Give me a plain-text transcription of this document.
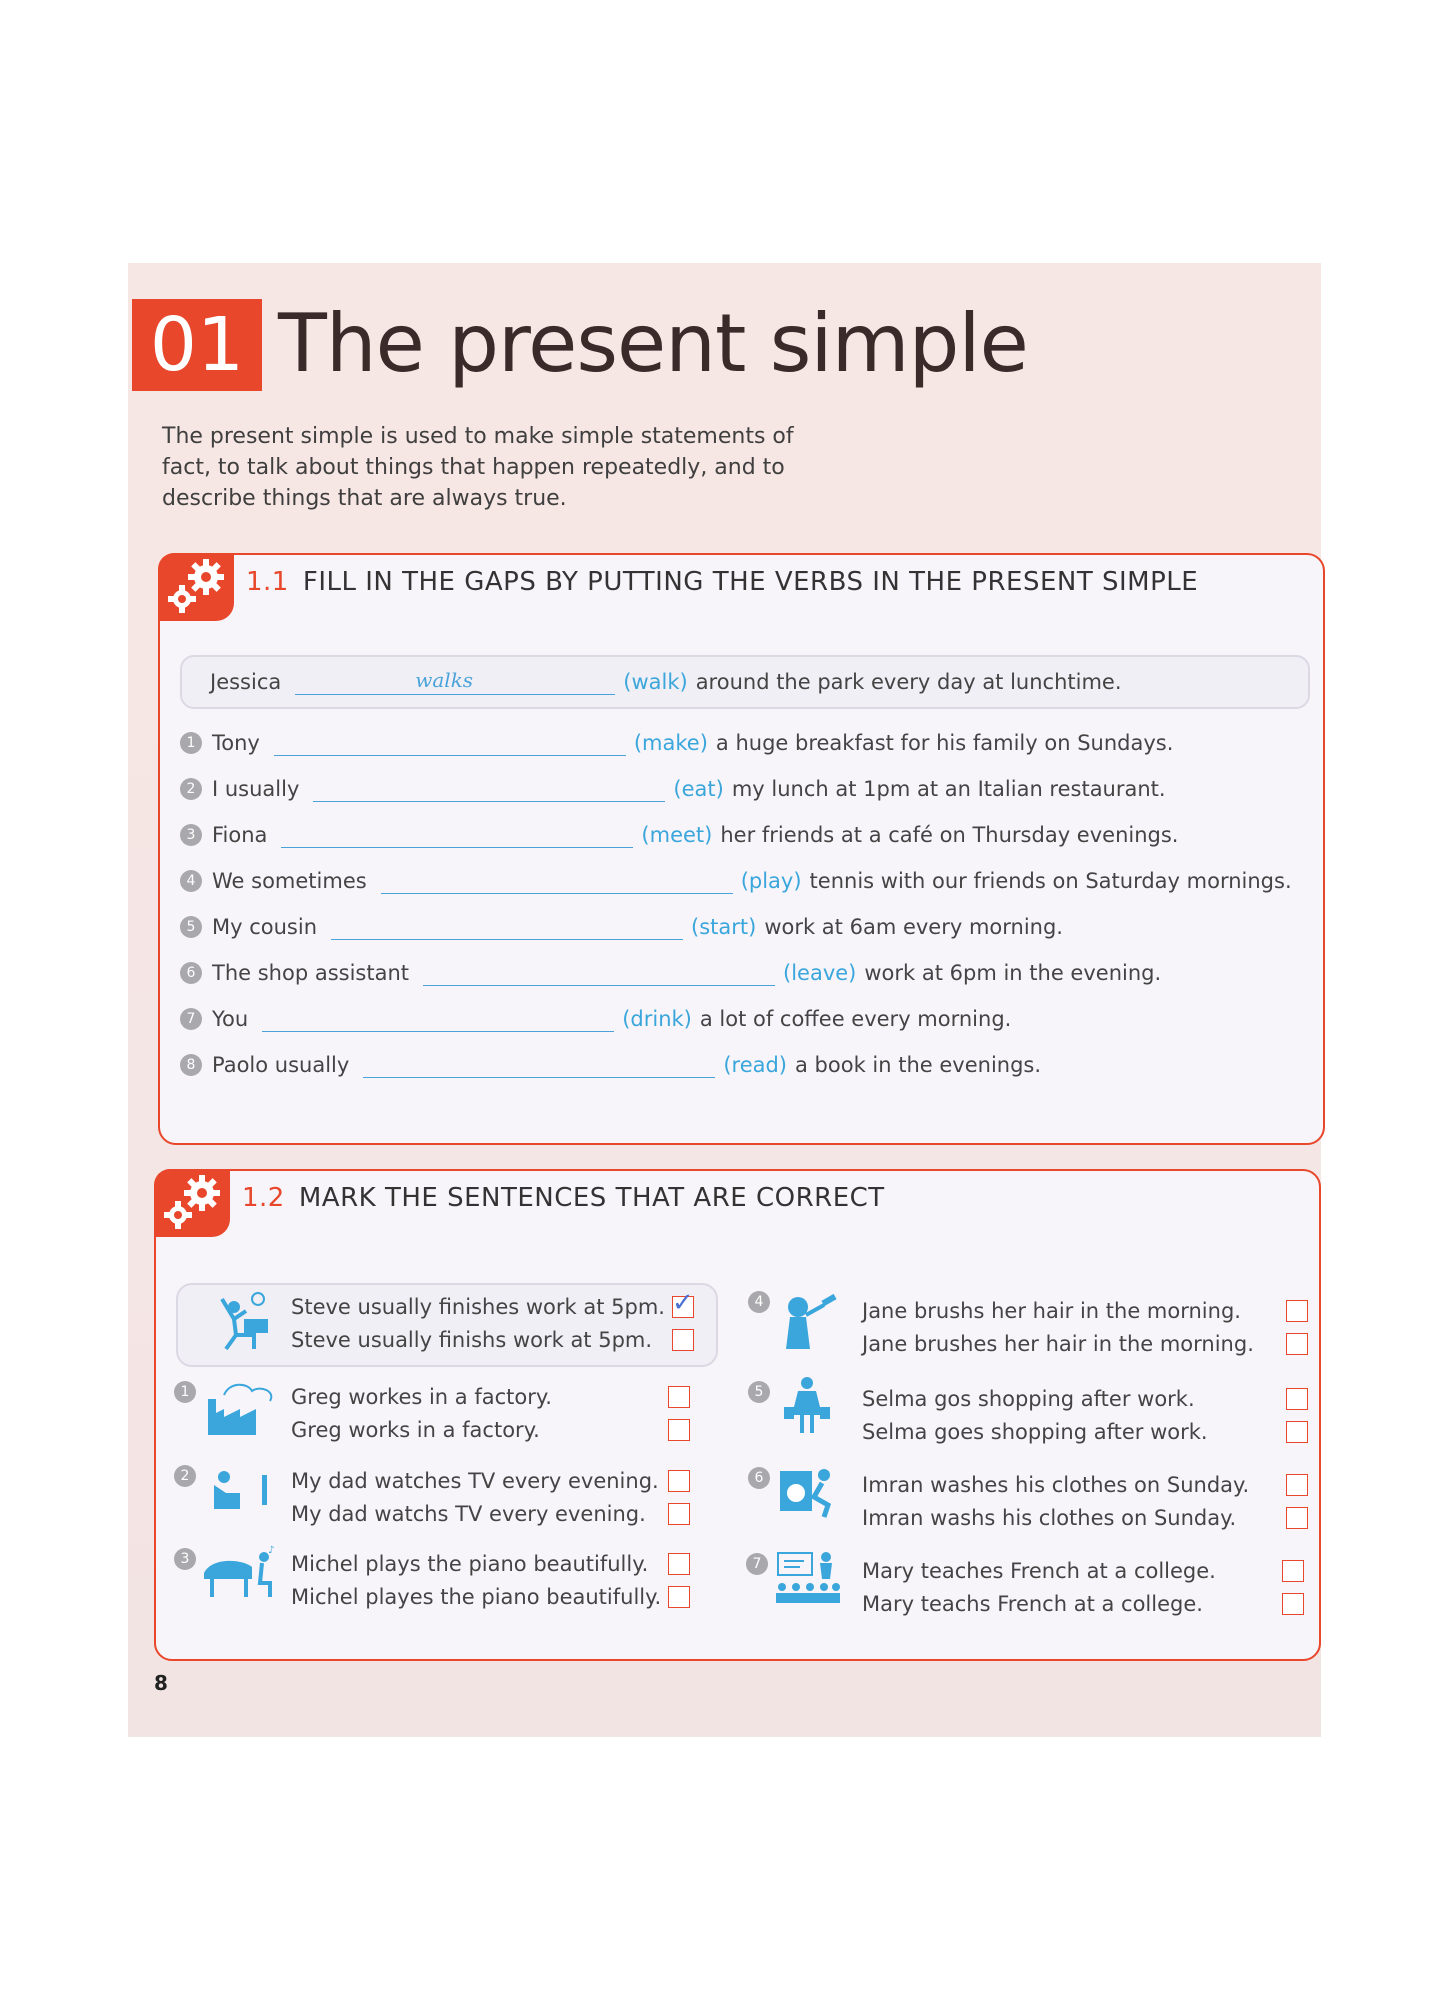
01 The present simple
The present simple is used to make simple statements of fact, to talk about things that happen repeatedly, and to describe things that are always true.
1.1 FILL IN THE GAPS BY PUTTING THE VERBS IN THE PRESENT SIMPLE
Jessica	walks	(walk) around the park every day at lunchtime.
1 Tony	(make) a huge breakfast for his family on Sundays.
2 I usually	(eat) my lunch at 1pm at an Italian restaurant.
3 Fiona	(meet) her friends at a café on Thursday evenings.
4 We sometimes	(play) tennis with our friends on Saturday mornings.
5 My cousin	(start) work at 6am every morning.
6 The shop assistant	(leave) work at 6pm in the evening.
7 You	(drink) a lot of coffee every morning.
8 Paolo usually	(read) a book in the evenings.
1.2 MARK THE SENTENCES THAT ARE CORRECT
Steve usually finishes work at 5pm.
Steve usually finishs work at 5pm.
✓
1	Greg workes in a factory.
Greg works in a factory.
2	My dad watches TV every evening.
My dad watchs TV every evening.
3
♪
Michel plays the piano beautifully.
Michel playes the piano beautifully.
4	Jane brushs her hair in the morning.
Jane brushes her hair in the morning.
5	Selma gos shopping after work.
Selma goes shopping after work.
6	Imran washes his clothes on Sunday.
Imran washs his clothes on Sunday.
7	Mary teaches French at a college.
Mary teachs French at a college.
8
